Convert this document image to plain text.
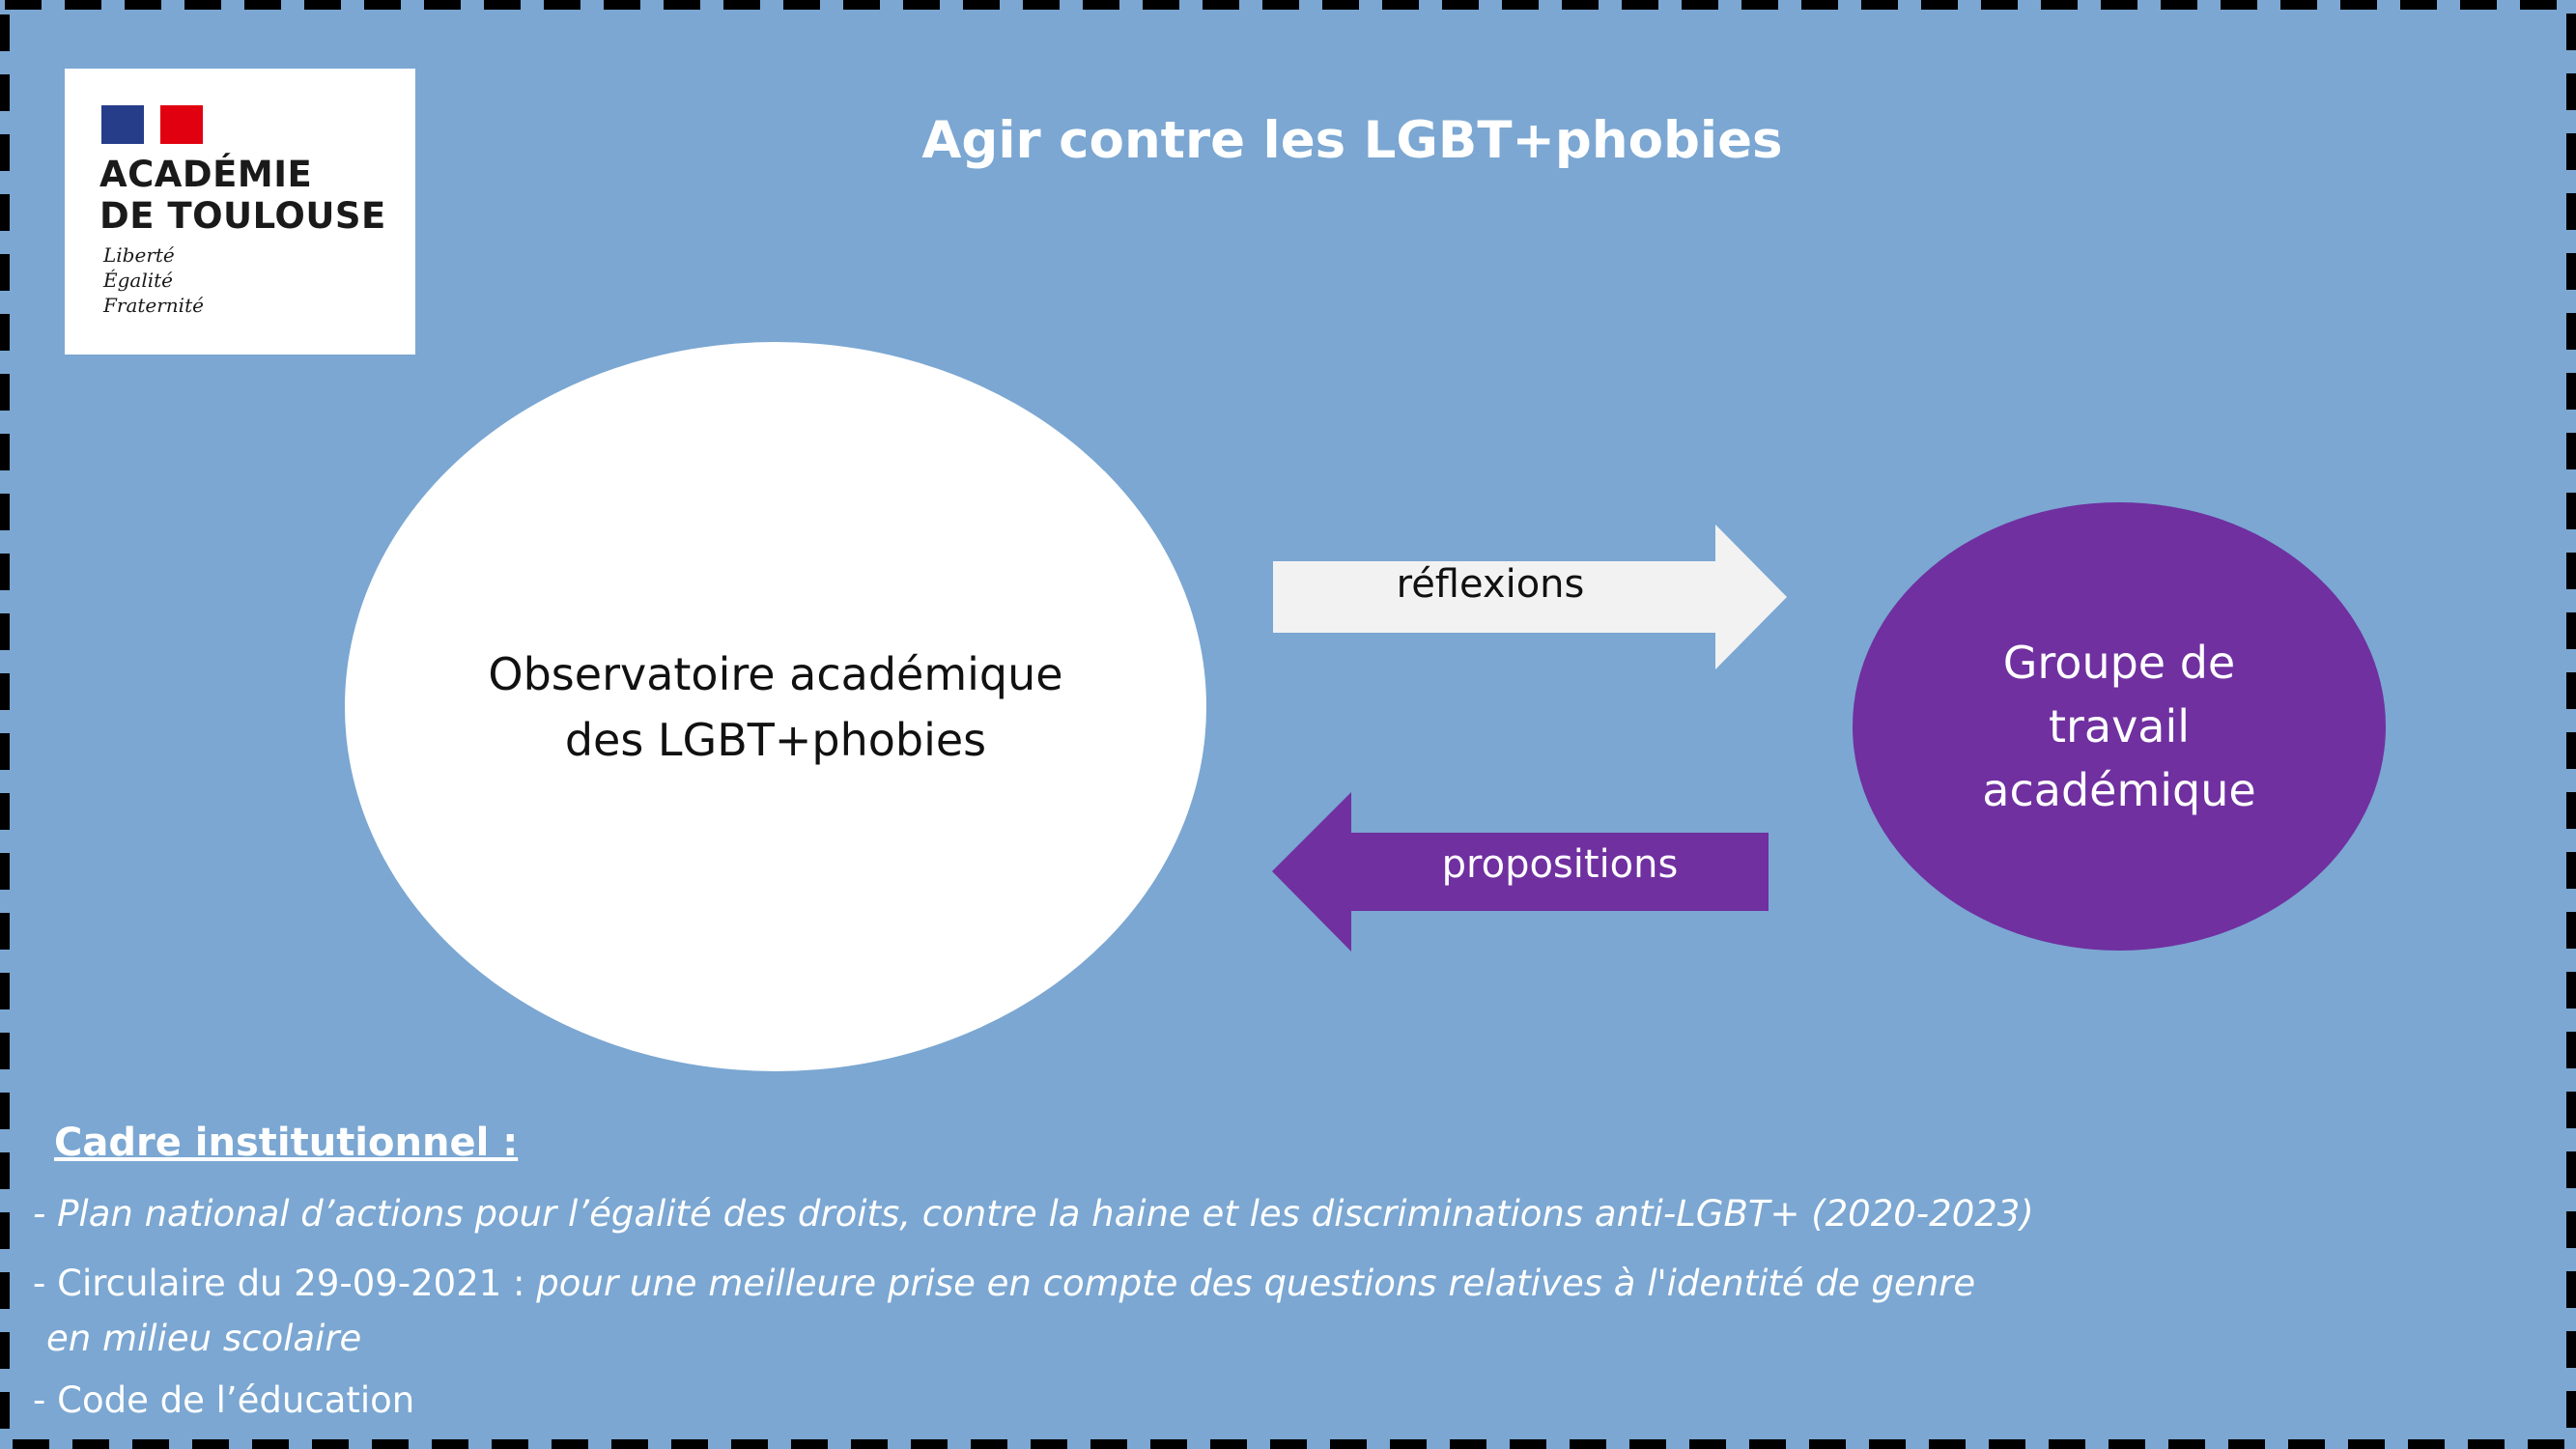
ACADÉMIE
DE TOULOUSE
Liberté
Égalité
Fraternité
Agir contre les LGBT+phobies
Observatoire académique
des LGBT+phobies
réflexions
propositions
Groupe de
travail
académique
Cadre institutionnel :
- Plan national d’actions pour l’égalité des droits, contre la haine et les discriminations anti-LGBT+ (2020-2023)
- Circulaire du 29-09-2021 : pour une meilleure prise en compte des questions relatives à l'identité de genre
en milieu scolaire
- Code de l’éducation
